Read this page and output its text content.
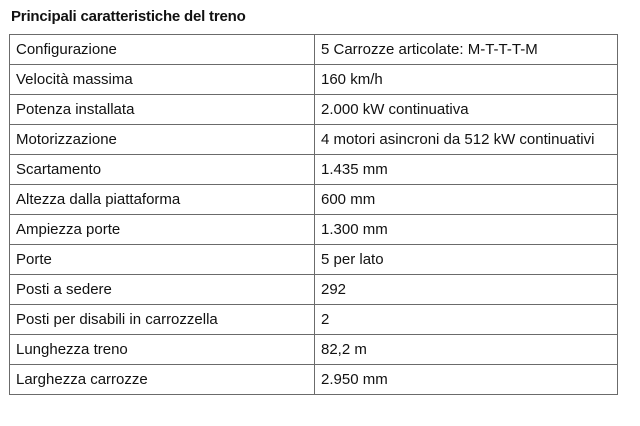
Principali caratteristiche del treno
Configurazione	5 Carrozze articolate: M-T-T-T-M
Velocità massima	160 km/h
Potenza installata	2.000 kW continuativa
Motorizzazione	4 motori asincroni da 512 kW continuativi
Scartamento	1.435 mm
Altezza dalla piattaforma	600 mm
Ampiezza porte	1.300 mm
Porte	5 per lato
Posti a sedere	292
Posti per disabili in carrozzella	2
Lunghezza treno	82,2 m
Larghezza carrozze	2.950 mm
